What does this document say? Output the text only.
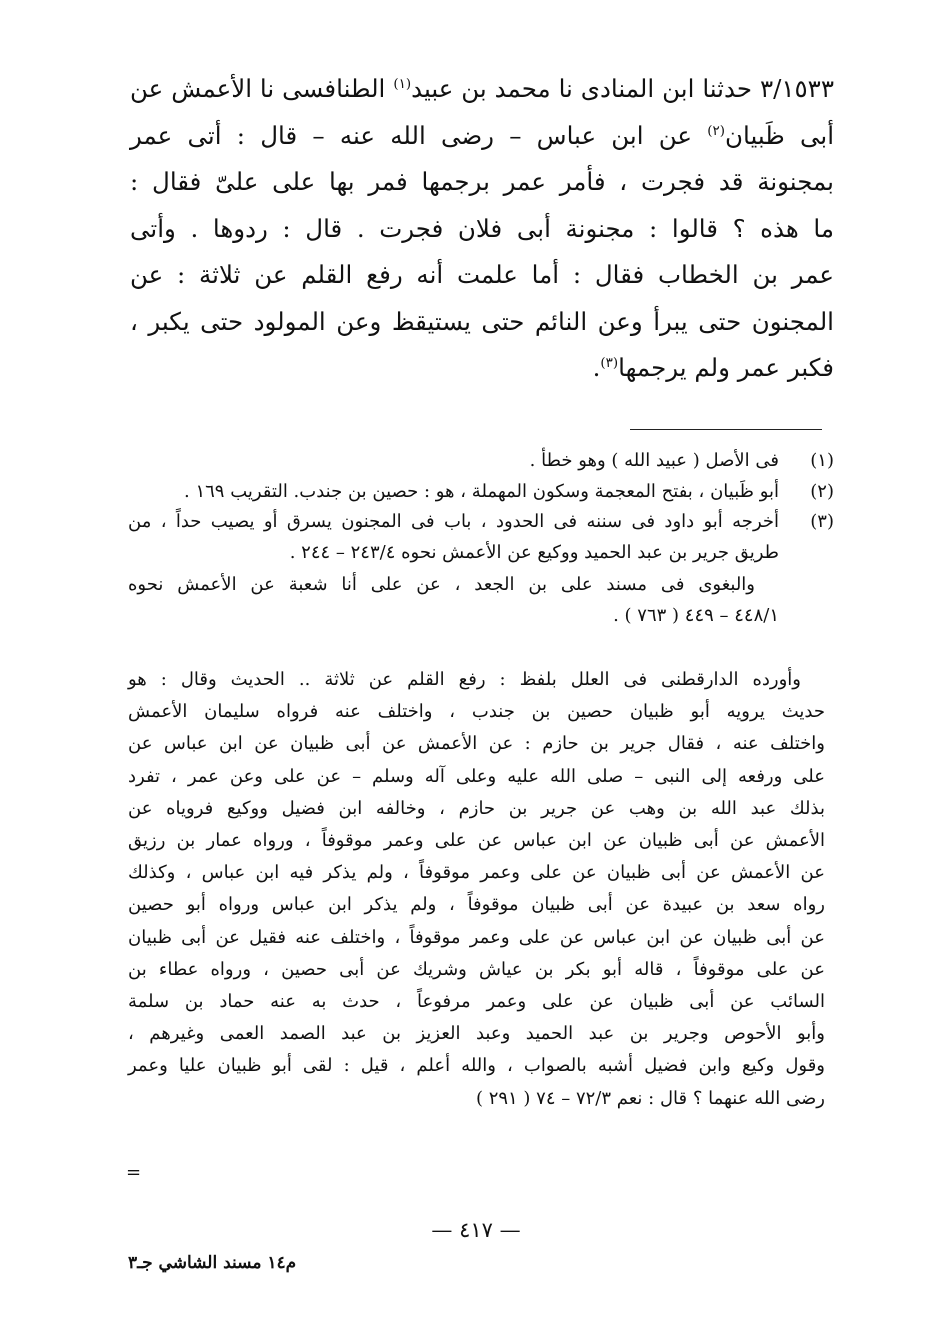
٣/١٥٣٣ حدثنا ابن المنادى نا محمد بن عبيد$^{(١)}$ الطنافسى نا الأعمش عن
أبى ظَبيان$^{(٢)}$ عن ابن عباس – رضى الله عنه – قال : أتى عمر
بمجنونة قد فجرت ، فأمر عمر برجمها فمر بها على علىّ فقال :
ما هذه ؟ قالوا : مجنونة أبى فلان فجرت . قال : ردوها . وأتى
عمر بن الخطاب فقال : أما علمت أنه رفع القلم عن ثلاثة : عن
المجنون حتى يبرأ وعن النائم حتى يستيقظ وعن المولود حتى يكبر ،
فكبر عمر ولم يرجمها$^{(٣)}$.
(١)
فى الأصل ( عبيد الله ) وهو خطأ .
(٢)
أبو ظَبيان ، بفتح المعجمة وسكون المهملة ، هو : حصين بن جندب. التقريب ١٦٩ .
(٣)
أخرجه أبو داود فى سننه فى الحدود ، باب فى المجنون يسرق أو يصيب حداً ، من
طريق جرير بن عبد الحميد ووكيع عن الأعمش نحوه ٢٤٣/٤ – ٢٤٤ .
والبغوى فى مسند على بن الجعد ، عن على أنا شعبة عن الأعمش نحوه
٤٤٨/١ – ٤٤٩ ( ٧٦٣ ) .
وأورده الدارقطنى فى العلل بلفظ : رفع القلم عن ثلاثة .. الحديث وقال : هو
حديث يرويه أبو ظبيان حصين بن جندب ، واختلف عنه فرواه سليمان الأعمش
واختلف عنه ، فقال جرير بن حازم : عن الأعمش عن أبى ظبيان عن ابن عباس عن
على ورفعه إلى النبى – صلى الله عليه وعلى آله وسلم – عن على وعن عمر ، تفرد
بذلك عبد الله بن وهب عن جرير بن حازم ، وخالفه ابن فضيل ووكيع فروياه عن
الأعمش عن أبى ظبيان عن ابن عباس عن على وعمر موقوفاً ، ورواه عمار بن رزيق
عن الأعمش عن أبى ظبيان عن على وعمر موقوفاً ، ولم يذكر فيه ابن عباس ، وكذلك
رواه سعد بن عبيدة عن أبى ظبيان موقوفاً ، ولم يذكر ابن عباس ورواه أبو حصين
عن أبى ظبيان عن ابن عباس عن على وعمر موقوفاً ، واختلف عنه فقيل عن أبى ظبيان
عن على موقوفاً ، قاله أبو بكر بن عياش وشريك عن أبى حصين ، ورواه عطاء بن
السائب عن أبى ظبيان عن على وعمر مرفوعاً ، حدث به عنه حماد بن سلمة
وأبو الأحوص وجرير بن عبد الحميد وعبد العزيز بن عبد الصمد العمى وغيرهم ،
وقول وكيع وابن فضيل أشبه بالصواب ، والله أعلم ، قيل : لقى أبو ظبيان عليا وعمر
رضى الله عنهما ؟ قال : نعم ٧٢/٣ – ٧٤ ( ٢٩١ )
=
— ٤١٧ —
م١٤ مسند الشاشي جـ٣
